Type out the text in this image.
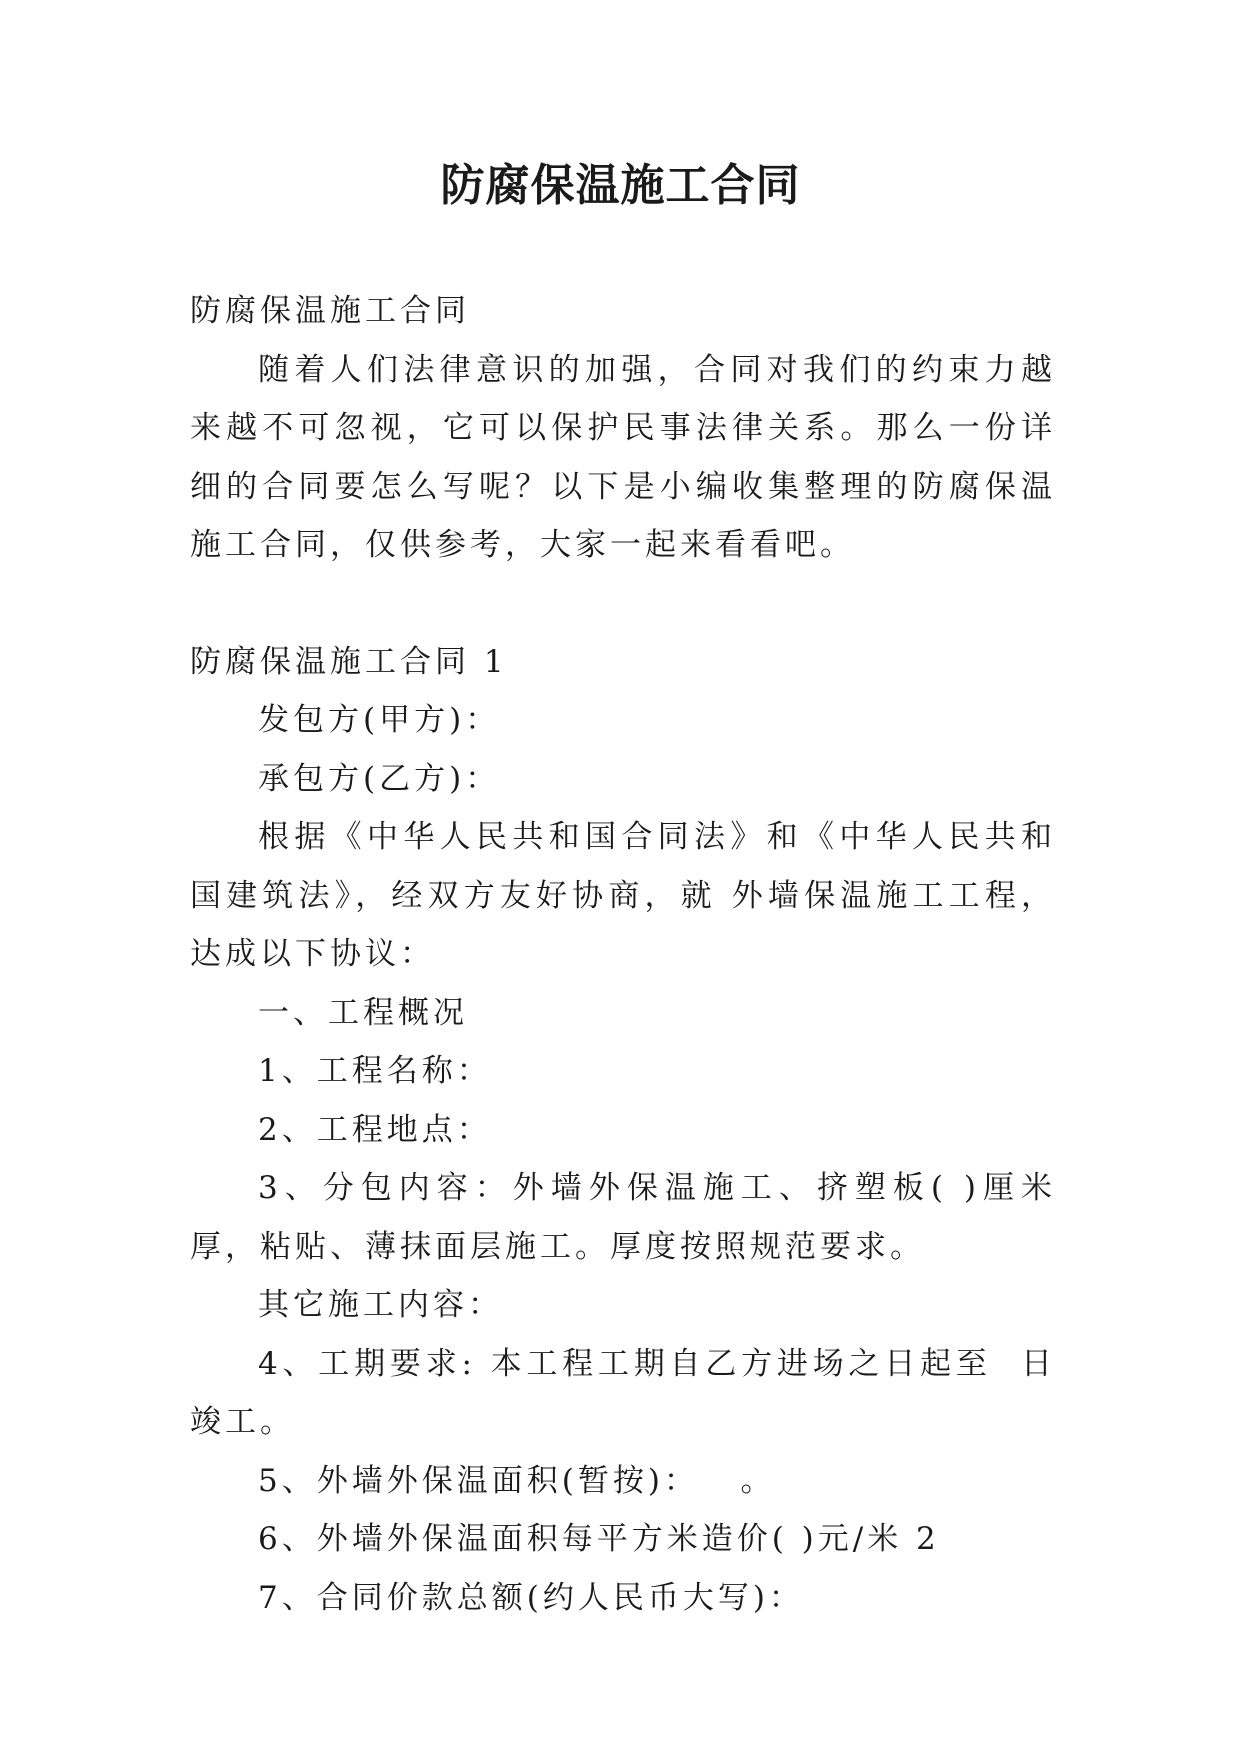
防腐保温施工合同

防腐保温施工合同

随着人们法律意识的加强，合同对我们的约束力越来越不可忽视，它可以保护民事法律关系。那么一份详细的合同要怎么写呢？以下是小编收集整理的防腐保温施工合同，仅供参考，大家一起来看看吧。

防腐保温施工合同 1

发包方(甲方)：

承包方(乙方)：

根据《中华人民共和国合同法》和《中华人民共和国建筑法》，经双方友好协商，就 外墙保温施工工程，达成以下协议：

一、工程概况

1、工程名称：

2、工程地点：

3、分包内容：外墙外保温施工、挤塑板( )厘米厚，粘贴、薄抹面层施工。厚度按照规范要求。

其它施工内容：

4、工期要求: 本工程工期自乙方进场之日起至  日竣工。

5、外墙外保温面积(暂按)：   。

6、外墙外保温面积每平方米造价( )元/米 2

7、合同价款总额(约人民币大写)：
